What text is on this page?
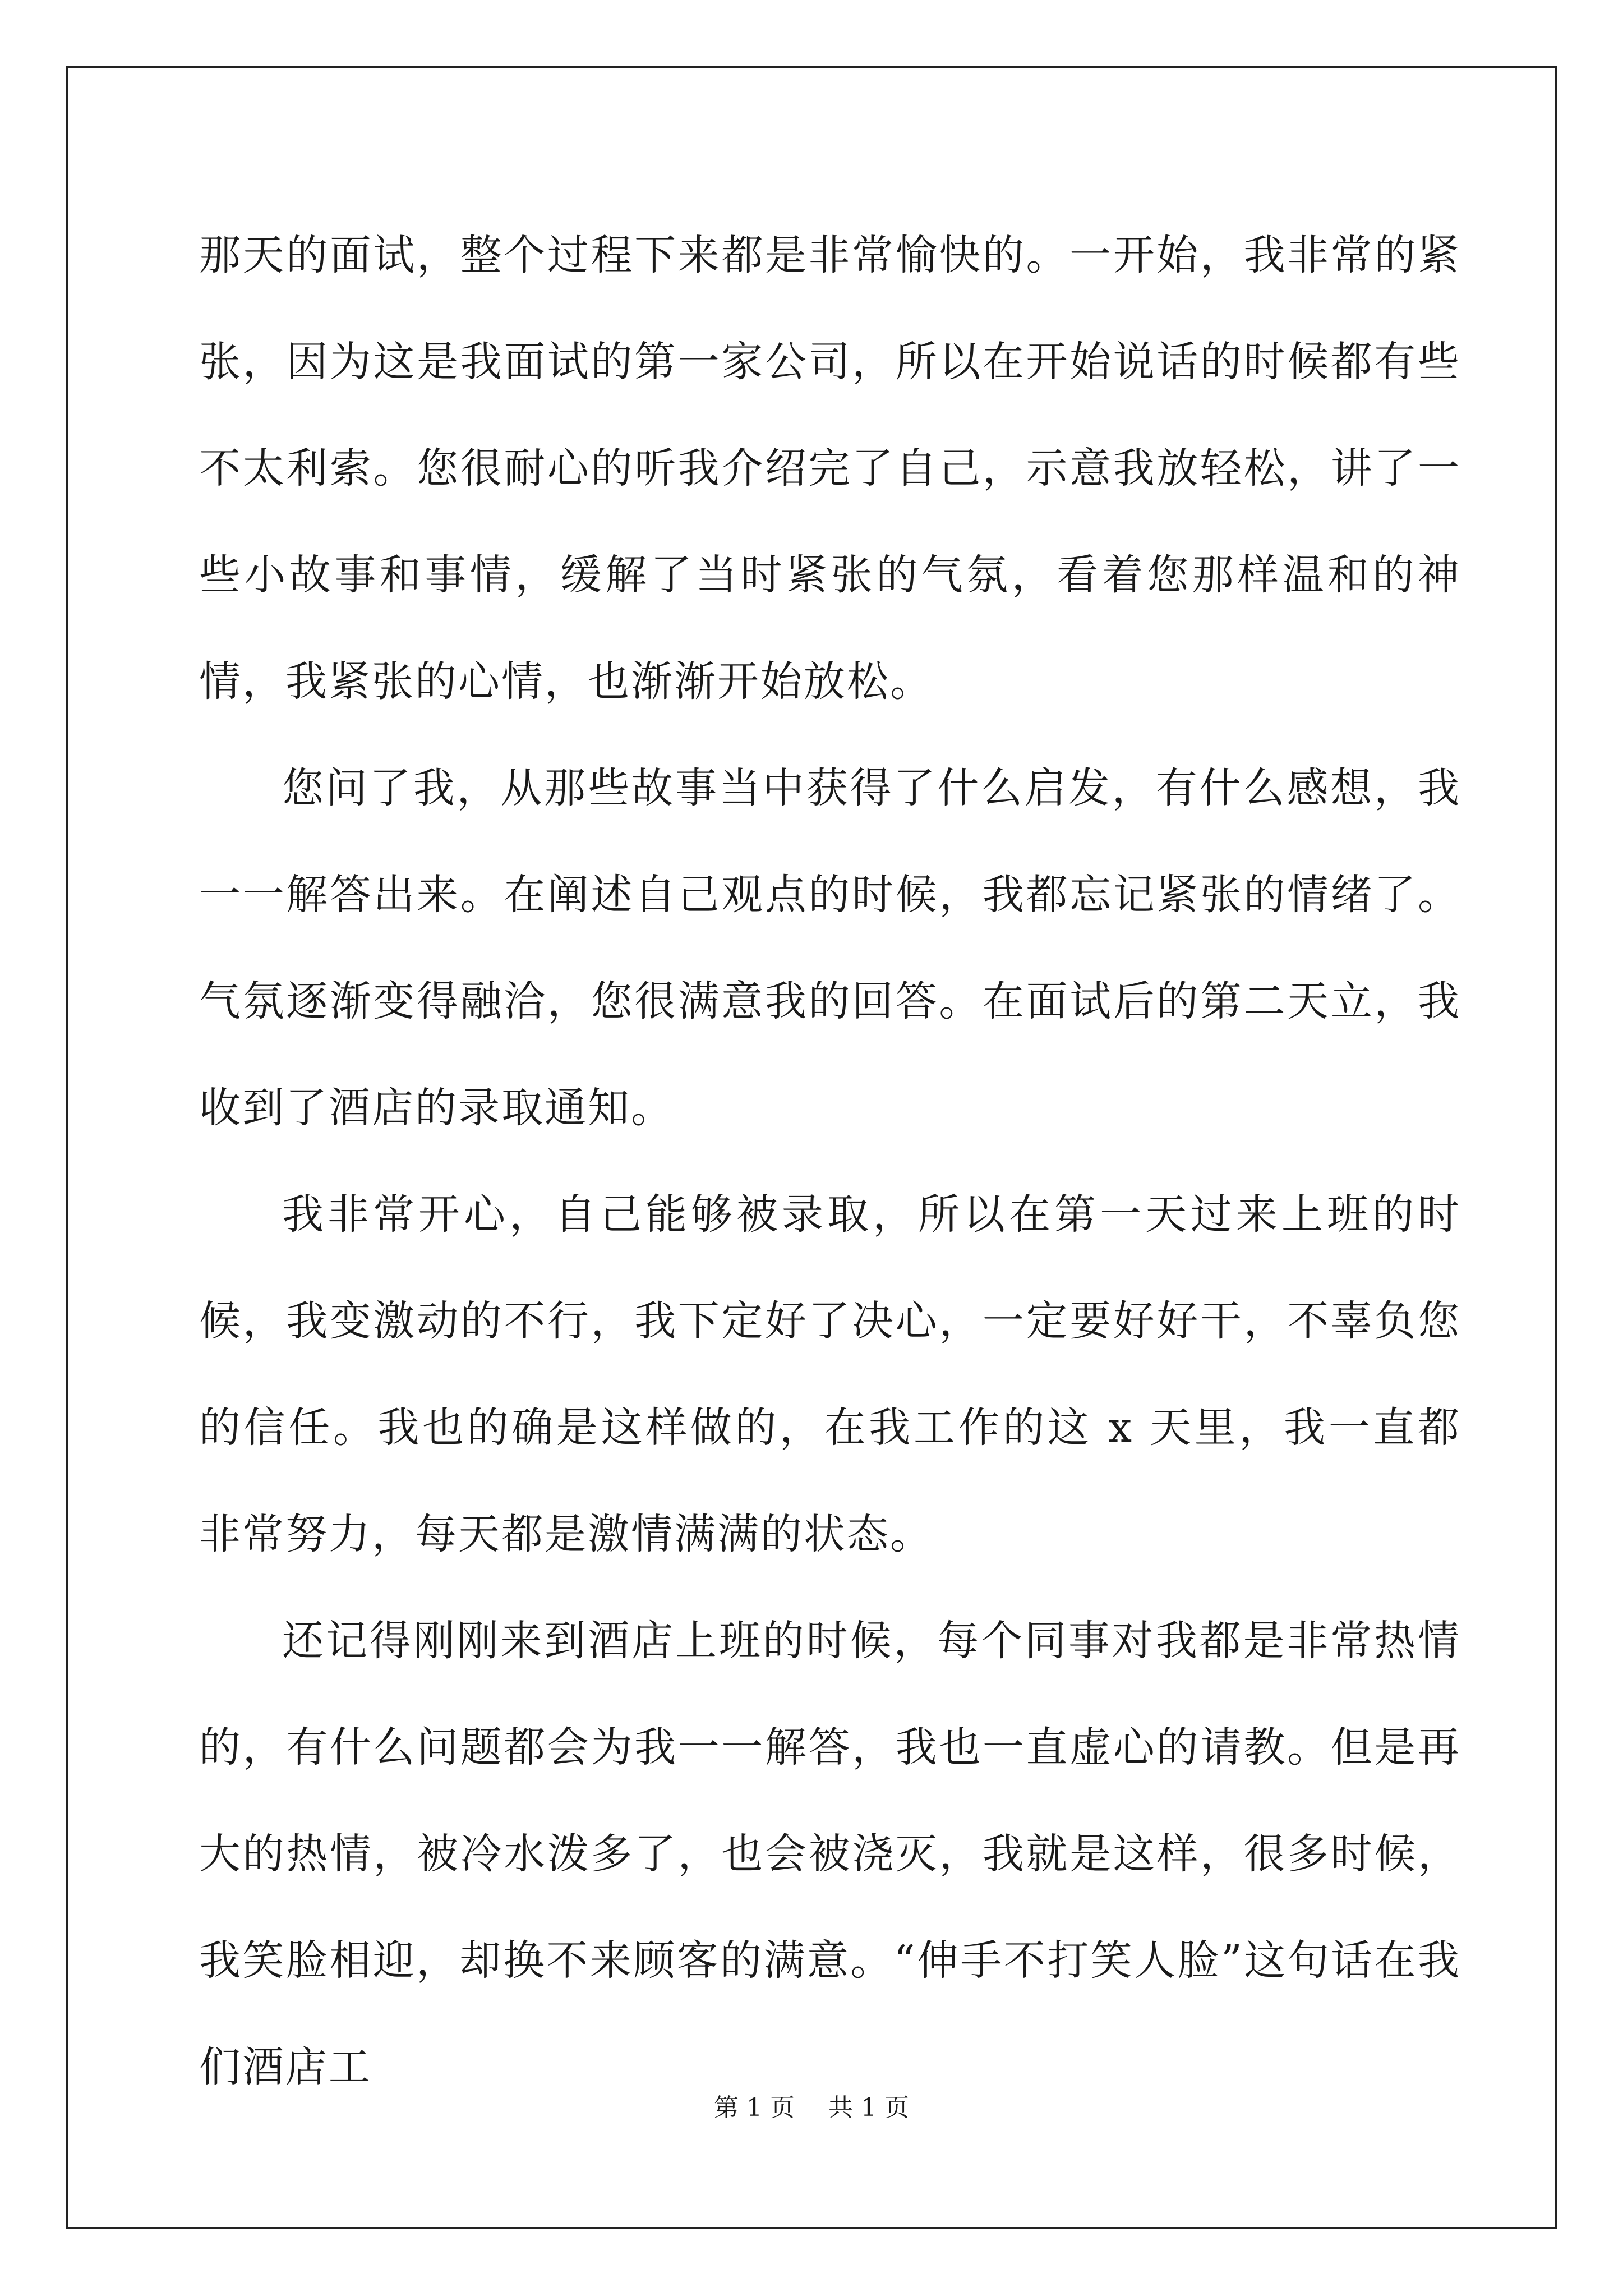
那天的面试，整个过程下来都是非常愉快的。一开始，我非常的紧张，因为这是我面试的第一家公司，所以在开始说话的时候都有些不太利索。您很耐心的听我介绍完了自己，示意我放轻松，讲了一些小故事和事情，缓解了当时紧张的气氛，看着您那样温和的神情，我紧张的心情，也渐渐开始放松。

您问了我，从那些故事当中获得了什么启发，有什么感想，我一一解答出来。在阐述自己观点的时候，我都忘记紧张的情绪了。气氛逐渐变得融洽，您很满意我的回答。在面试后的第二天立，我收到了酒店的录取通知。

我非常开心，自己能够被录取，所以在第一天过来上班的时候，我变激动的不行，我下定好了决心，一定要好好干，不辜负您的信任。我也的确是这样做的，在我工作的这 x 天里，我一直都非常努力，每天都是激情满满的状态。

还记得刚刚来到酒店上班的时候，每个同事对我都是非常热情的，有什么问题都会为我一一解答，我也一直虚心的请教。但是再大的热情，被冷水泼多了，也会被浇灭，我就是这样，很多时候，我笑脸相迎，却换不来顾客的满意。“伸手不打笑人脸”这句话在我们酒店工

第 1 页 共 1 页
